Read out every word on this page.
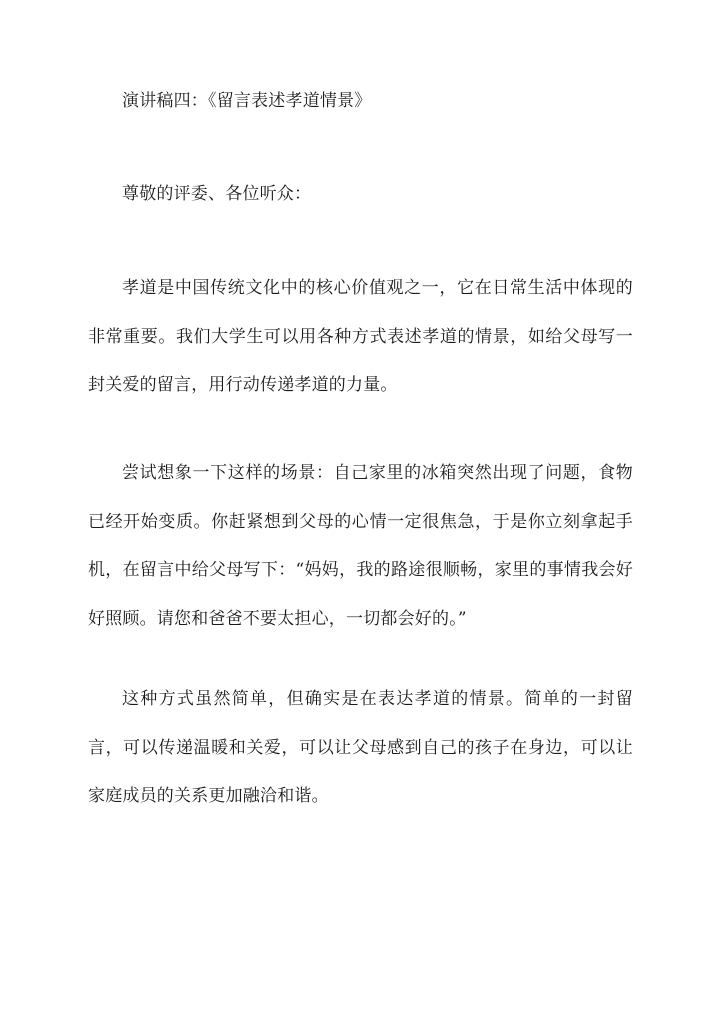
演讲稿四：《留言表述孝道情景》

尊敬的评委、各位听众：

孝道是中国传统文化中的核心价值观之一，它在日常生活中体现的非常重要。我们大学生可以用各种方式表述孝道的情景，如给父母写一封关爱的留言，用行动传递孝道的力量。

尝试想象一下这样的场景：自己家里的冰箱突然出现了问题，食物已经开始变质。你赶紧想到父母的心情一定很焦急，于是你立刻拿起手机，在留言中给父母写下：“妈妈，我的路途很顺畅，家里的事情我会好好照顾。请您和爸爸不要太担心，一切都会好的。”

这种方式虽然简单，但确实是在表达孝道的情景。简单的一封留言，可以传递温暖和关爱，可以让父母感到自己的孩子在身边，可以让家庭成员的关系更加融洽和谐。
